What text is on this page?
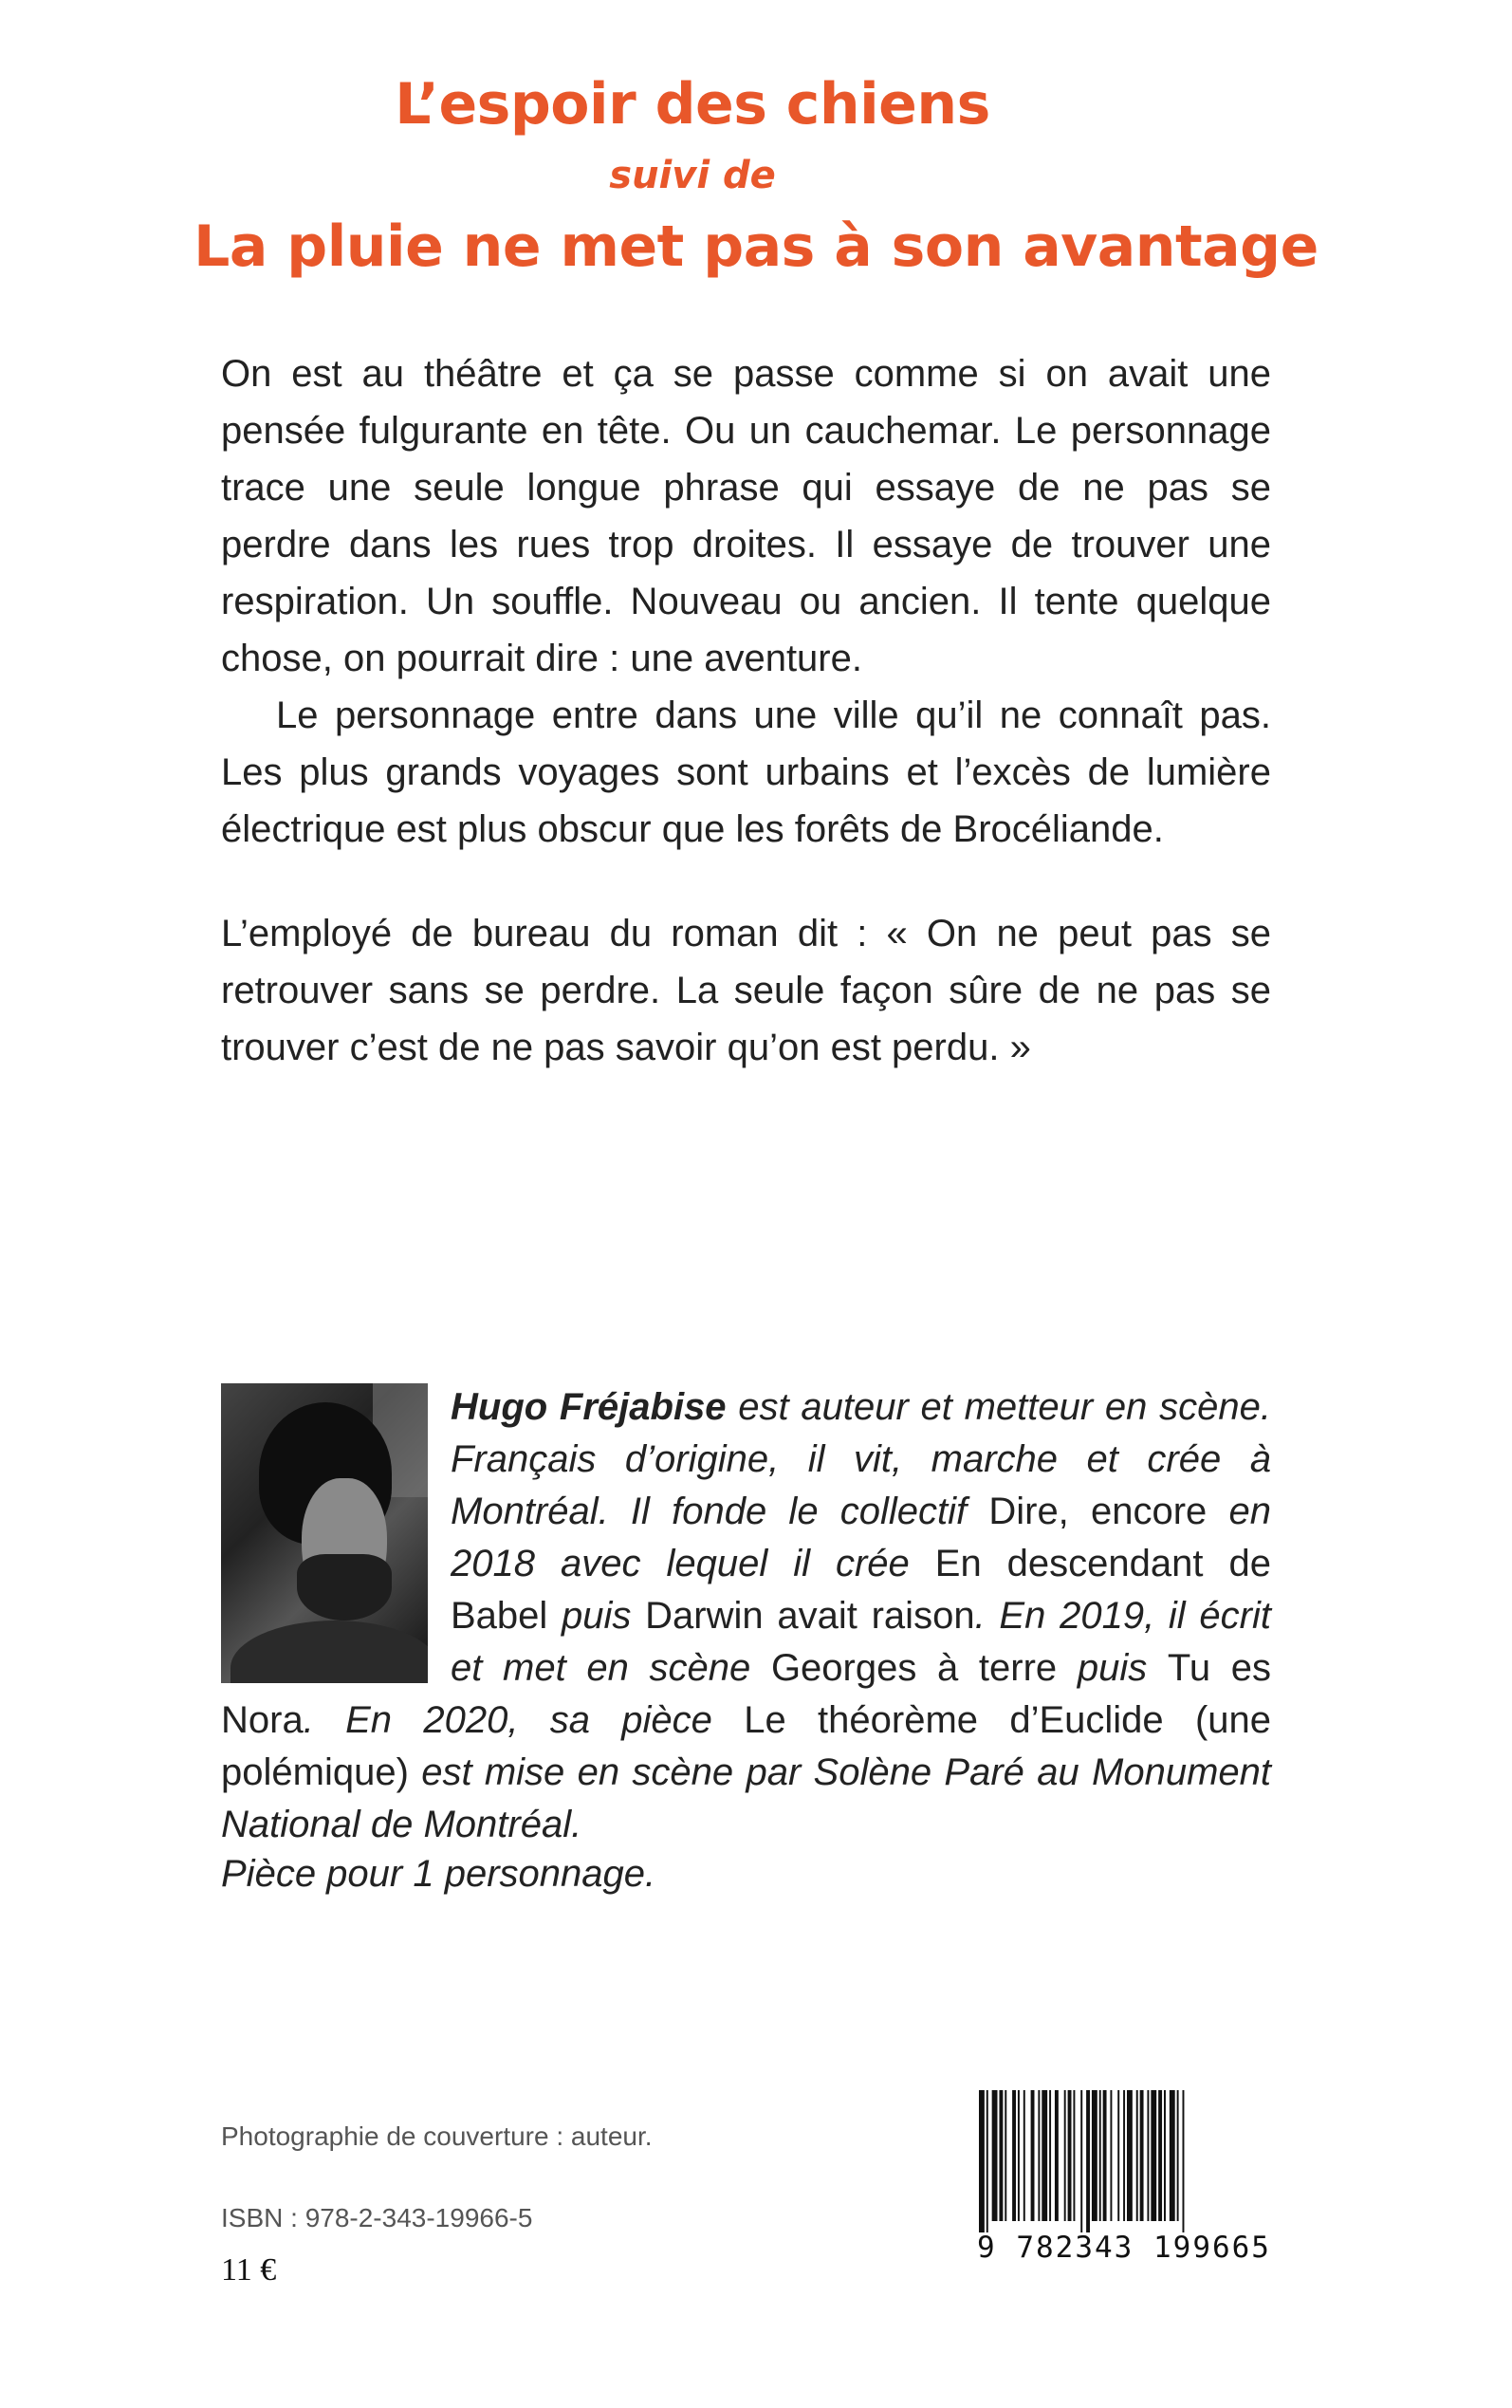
L’espoir des chiens
suivi de
La pluie ne met pas à son avantage

On est au théâtre et ça se passe comme si on avait une pensée fulgurante en tête. Ou un cauchemar. Le personnage trace une seule longue phrase qui essaye de ne pas se perdre dans les rues trop droites. Il essaye de trouver une respiration. Un souffle. Nouveau ou ancien. Il tente quelque chose, on pourrait dire : une aventure.

Le personnage entre dans une ville qu’il ne connaît pas. Les plus grands voyages sont urbains et l’excès de lumière électrique est plus obscur que les forêts de Brocéliande.

L’employé de bureau du roman dit : « On ne peut pas se retrouver sans se perdre. La seule façon sûre de ne pas se trouver c’est de ne pas savoir qu’on est perdu. »

Hugo Fréjabise est auteur et metteur en scène. Français d’origine, il vit, marche et crée à Montréal. Il fonde le collectif Dire, encore en 2018 avec lequel il crée En descendant de Babel puis Darwin avait raison. En 2019, il écrit et met en scène Georges à terre puis Tu es Nora. En 2020, sa pièce Le théorème d’Euclide (une polémique) est mise en scène par Solène Paré au Monument National de Montréal.
Pièce pour 1 personnage.
Photographie de couverture : auteur.
ISBN : 978-2-343-19966-5
11 €
9 782343 199665
